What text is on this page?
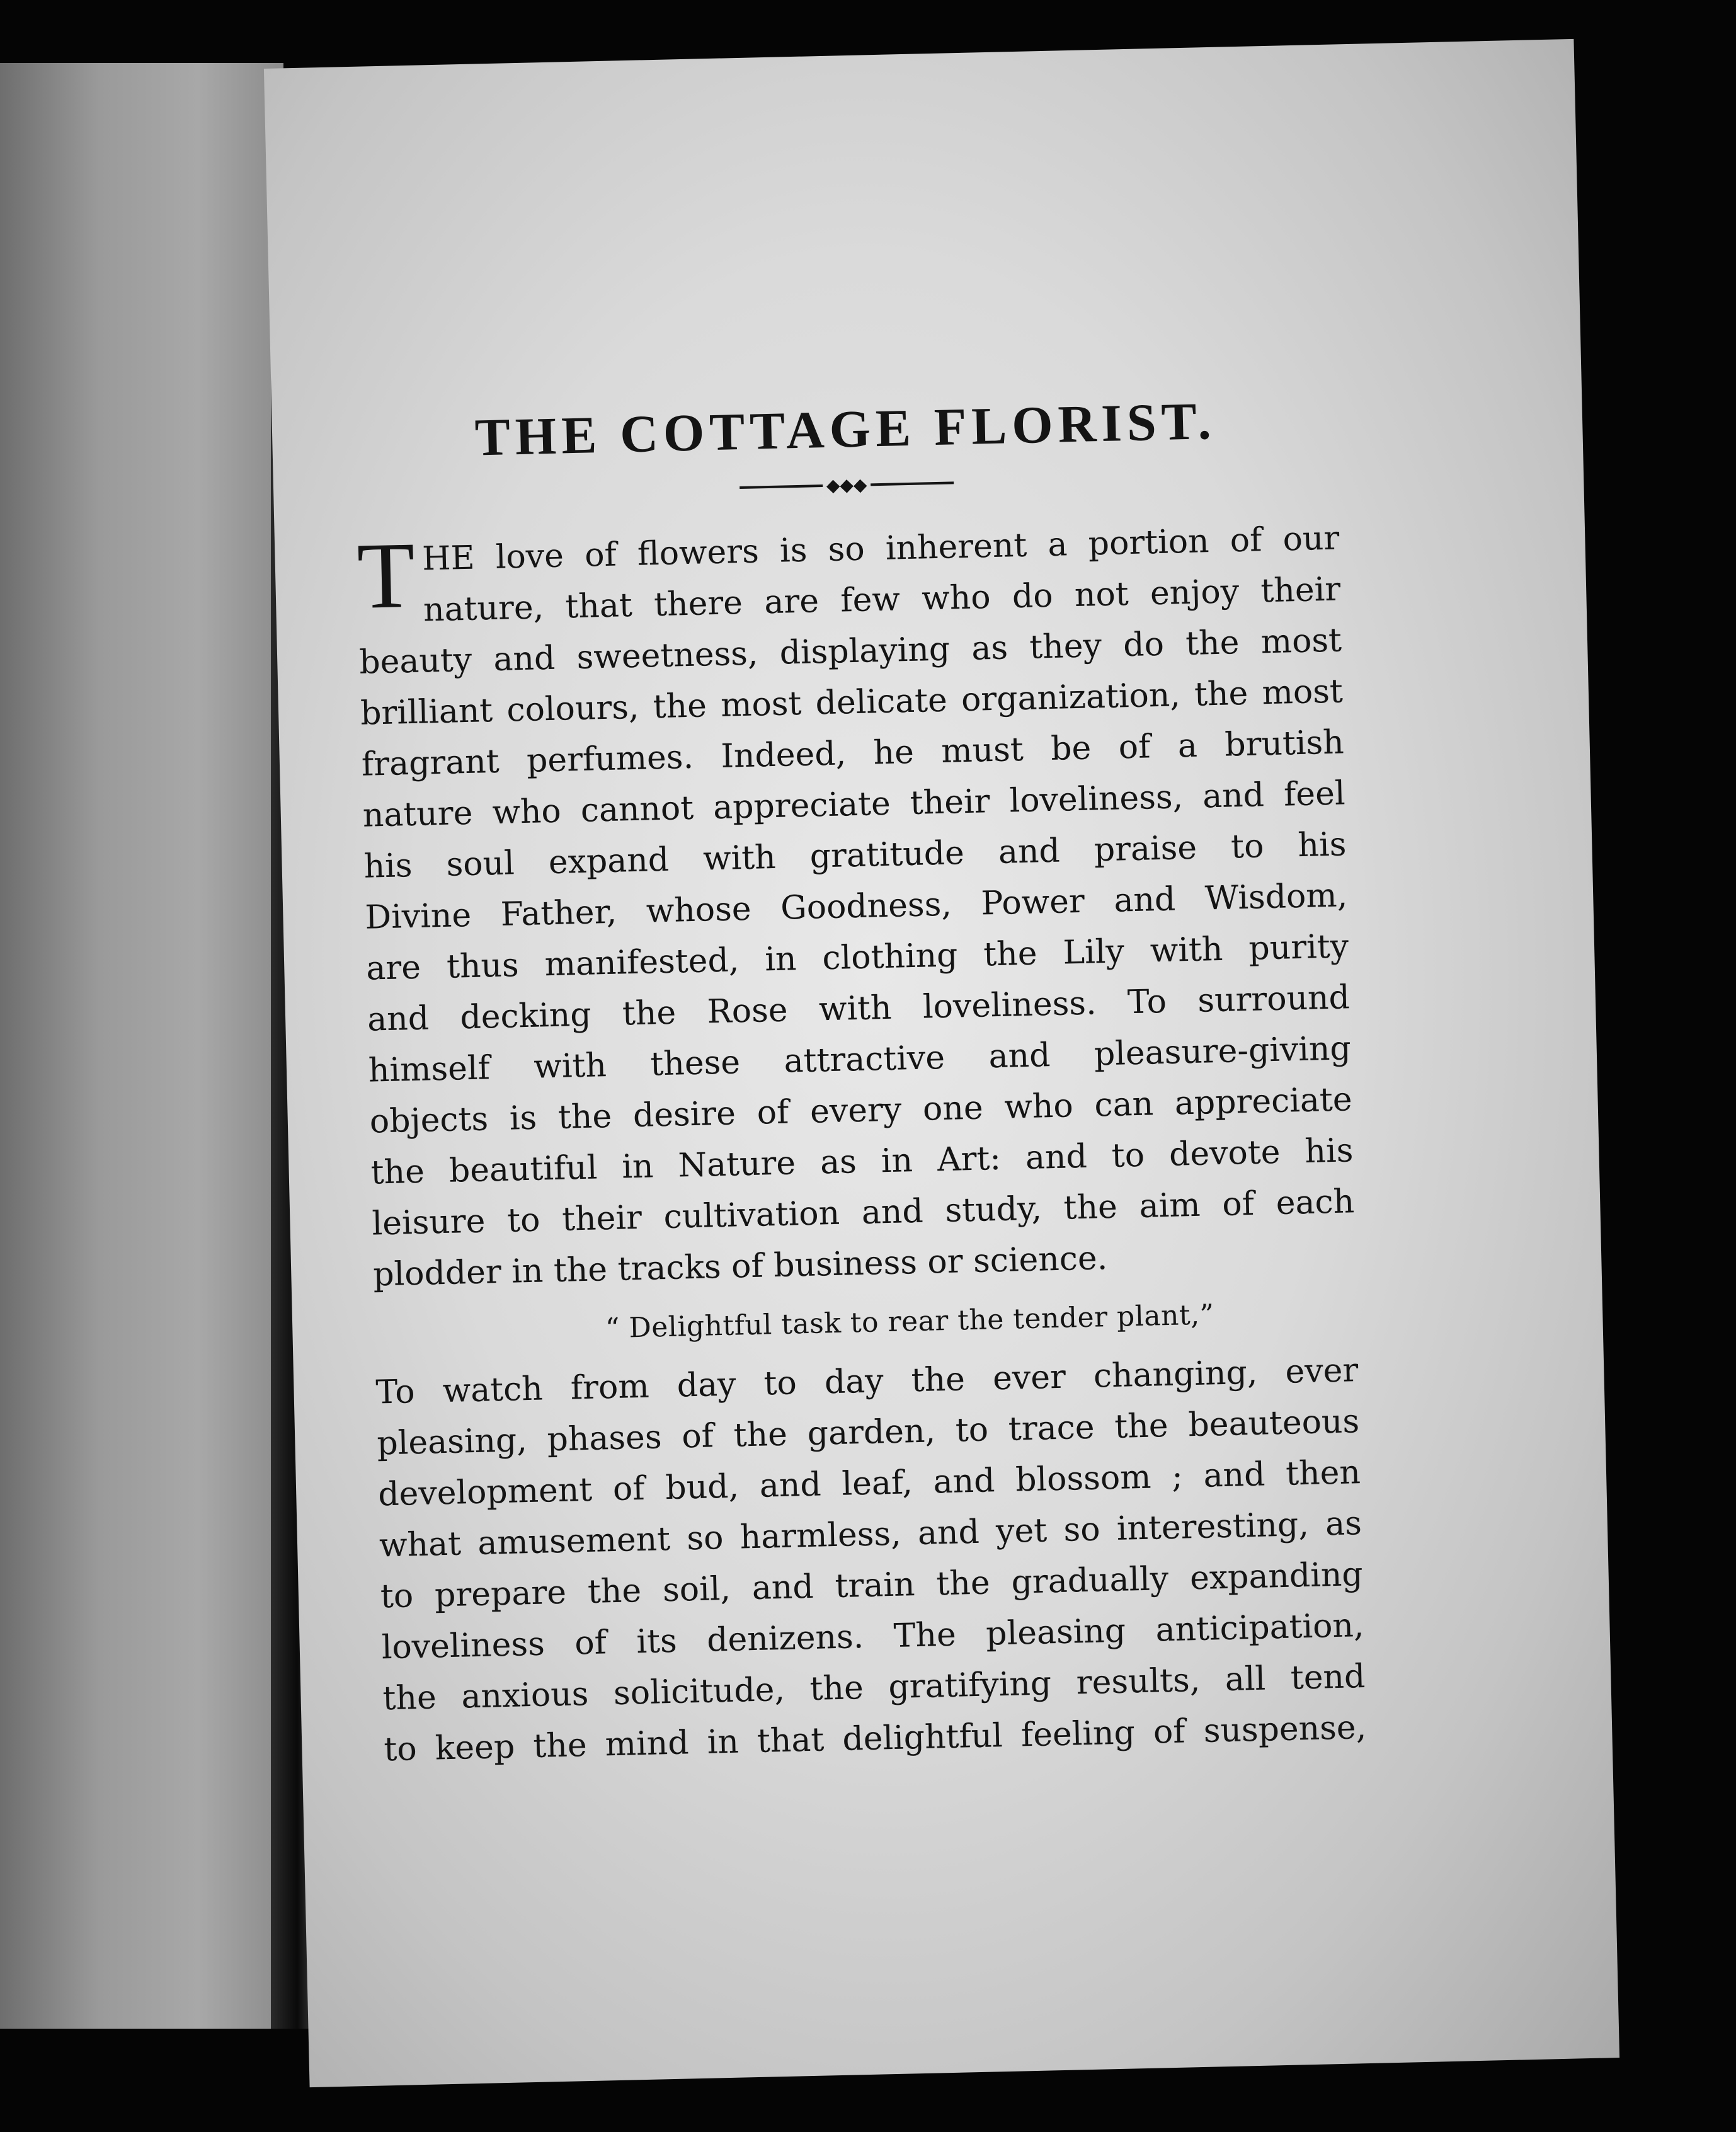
THE COTTAGE FLORIST.
◆◆◆
T HE love of flowers is so inherent a portion of our
nature, that there are few who do not enjoy their
beauty and sweetness, displaying as they do the most
brilliant colours, the most delicate organization, the most
fragrant perfumes. Indeed, he must be of a brutish
nature who cannot appreciate their loveliness, and feel
his soul expand with gratitude and praise to his
Divine Father, whose Goodness, Power and Wisdom,
are thus manifested, in clothing the Lily with purity
and decking the Rose with loveliness. To surround
himself with these attractive and pleasure-giving
objects is the desire of every one who can appreciate
the beautiful in Nature as in Art: and to devote his
leisure to their cultivation and study, the aim of each
plodder in the tracks of business or science.
“ Delightful task to rear the tender plant,”
To watch from day to day the ever changing, ever
pleasing, phases of the garden, to trace the beauteous
development of bud, and leaf, and blossom ; and then
what amusement so harmless, and yet so interesting, as
to prepare the soil, and train the gradually expanding
loveliness of its denizens. The pleasing anticipation,
the anxious solicitude, the gratifying results, all tend
to keep the mind in that delightful feeling of suspense,
